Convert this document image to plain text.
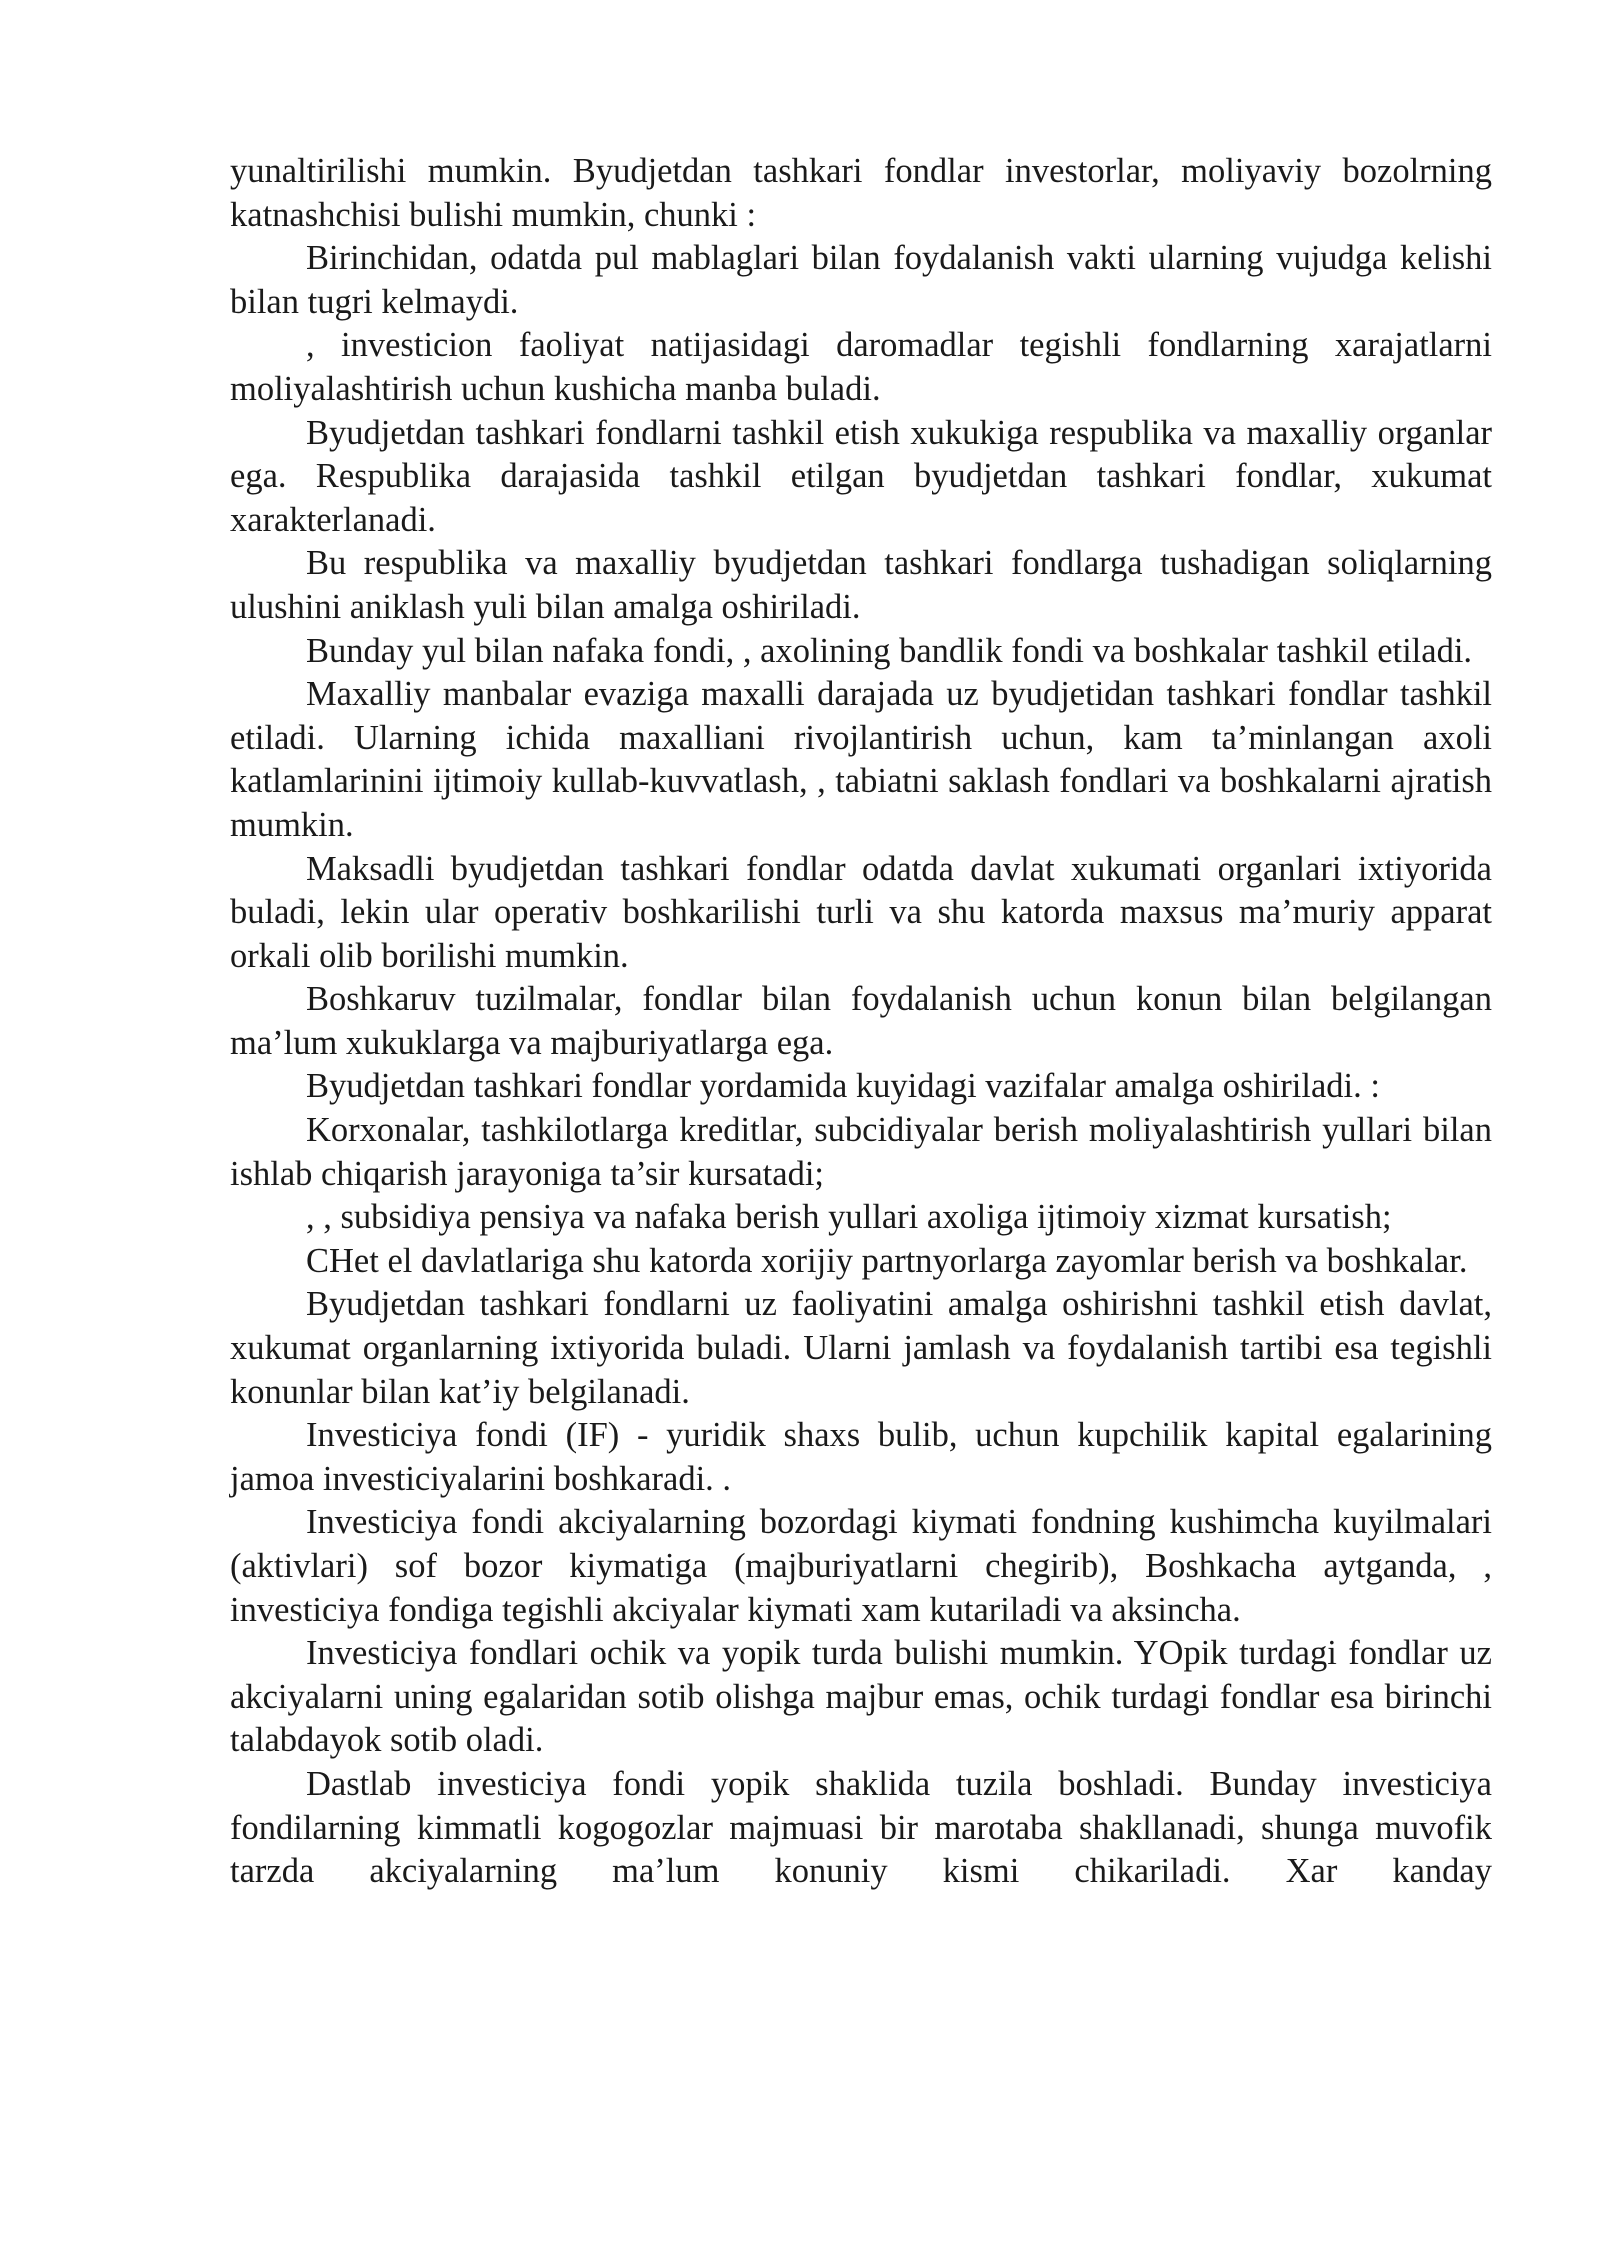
yunaltirilishi mumkin. Byudjetdan tashkari fondlar investorlar, moliyaviy bozolrning katnashchisi bulishi mumkin, chunki :

Birinchidan, odatda pul mablaglari bilan foydalanish vakti ularning vujudga kelishi bilan tugri kelmaydi.

, investicion faoliyat natijasidagi daromadlar tegishli fondlarning xarajatlarni moliyalashtirish uchun kushicha manba buladi.

Byudjetdan tashkari fondlarni tashkil etish xukukiga respublika va maxalliy organlar ega. Respublika darajasida tashkil etilgan byudjetdan tashkari fondlar, xukumat xarakterlanadi.

Bu respublika va maxalliy byudjetdan tashkari fondlarga tushadigan soliqlarning ulushini aniklash yuli bilan amalga oshiriladi.

Bunday yul bilan nafaka fondi, , axolining bandlik fondi va boshkalar tashkil etiladi.

Maxalliy manbalar evaziga maxalli darajada uz byudjetidan tashkari fondlar tashkil etiladi. Ularning ichida maxalliani rivojlantirish uchun, kam ta’minlangan axoli katlamlarinini ijtimoiy kullab-kuvvatlash, , tabiatni saklash fondlari va boshkalarni ajratish mumkin.

Maksadli byudjetdan tashkari fondlar odatda davlat xukumati organlari ixtiyorida buladi, lekin ular operativ boshkarilishi turli va shu katorda maxsus ma’muriy apparat orkali olib borilishi mumkin.

Boshkaruv tuzilmalar, fondlar bilan foydalanish uchun konun bilan belgilangan ma’lum xukuklarga va majburiyatlarga ega.

Byudjetdan tashkari fondlar yordamida kuyidagi vazifalar amalga oshiriladi. :

Korxonalar, tashkilotlarga kreditlar, subcidiyalar berish moliyalashtirish yullari bilan ishlab chiqarish jarayoniga ta’sir kursatadi;

, , subsidiya pensiya va nafaka berish yullari axoliga ijtimoiy xizmat kursatish;

CHet el davlatlariga shu katorda xorijiy partnyorlarga zayomlar berish va boshkalar.

Byudjetdan tashkari fondlarni uz faoliyatini amalga oshirishni tashkil etish davlat, xukumat organlarning ixtiyorida buladi. Ularni jamlash va foydalanish tartibi esa tegishli konunlar bilan kat’iy belgilanadi.

Investiciya fondi (IF) - yuridik shaxs bulib, uchun kupchilik kapital egalarining jamoa investiciyalarini boshkaradi. .

Investiciya fondi akciyalarning bozordagi kiymati fondning kushimcha kuyilmalari (aktivlari) sof bozor kiymatiga (majburiyatlarni chegirib), Boshkacha aytganda, , investiciya fondiga tegishli akciyalar kiymati xam kutariladi va aksincha.

Investiciya fondlari ochik va yopik turda bulishi mumkin. YOpik turdagi fondlar uz akciyalarni uning egalaridan sotib olishga majbur emas, ochik turdagi fondlar esa birinchi talabdayok sotib oladi.

Dastlab investiciya fondi yopik shaklida tuzila boshladi. Bunday investiciya fondilarning kimmatli kogogozlar majmuasi bir marotaba shakllanadi, shunga muvofik tarzda akciyalarning ma’lum konuniy kismi chikariladi. Xar kanday
